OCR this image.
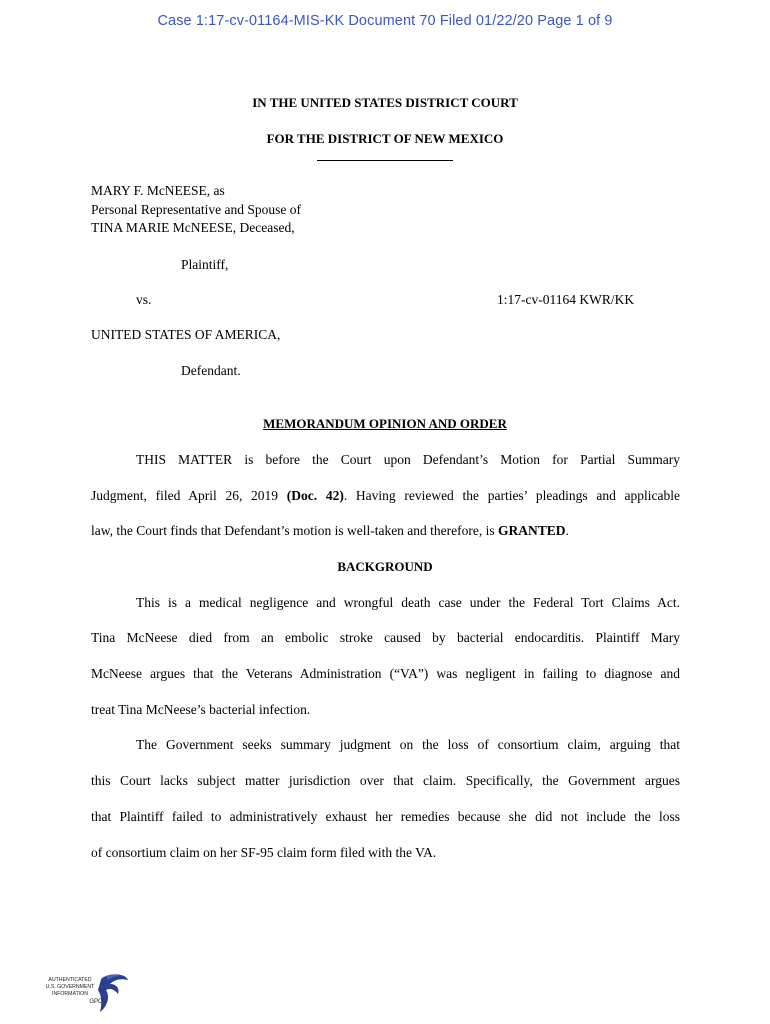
Case 1:17-cv-01164-MIS-KK Document 70 Filed 01/22/20 Page 1 of 9
IN THE UNITED STATES DISTRICT COURT
FOR THE DISTRICT OF NEW MEXICO
MARY F. McNEESE, as
Personal Representative and Spouse of
TINA MARIE McNEESE, Deceased,
Plaintiff,
vs.	1:17-cv-01164 KWR/KK
UNITED STATES OF AMERICA,
Defendant.
MEMORANDUM OPINION AND ORDER
THIS MATTER is before the Court upon Defendant’s Motion for Partial Summary
Judgment, filed April 26, 2019 (Doc. 42). Having reviewed the parties’ pleadings and applicable
law, the Court finds that Defendant’s motion is well-taken and therefore, is GRANTED.
BACKGROUND
This is a medical negligence and wrongful death case under the Federal Tort Claims Act.
Tina McNeese died from an embolic stroke caused by bacterial endocarditis. Plaintiff Mary
McNeese argues that the Veterans Administration (“VA”) was negligent in failing to diagnose and
treat Tina McNeese’s bacterial infection.
The Government seeks summary judgment on the loss of consortium claim, arguing that
this Court lacks subject matter jurisdiction over that claim. Specifically, the Government argues
that Plaintiff failed to administratively exhaust her remedies because she did not include the loss
of consortium claim on her SF-95 claim form filed with the VA.
AUTHENTICATED
U.S. GOVERNMENT
INFORMATION
GPO
